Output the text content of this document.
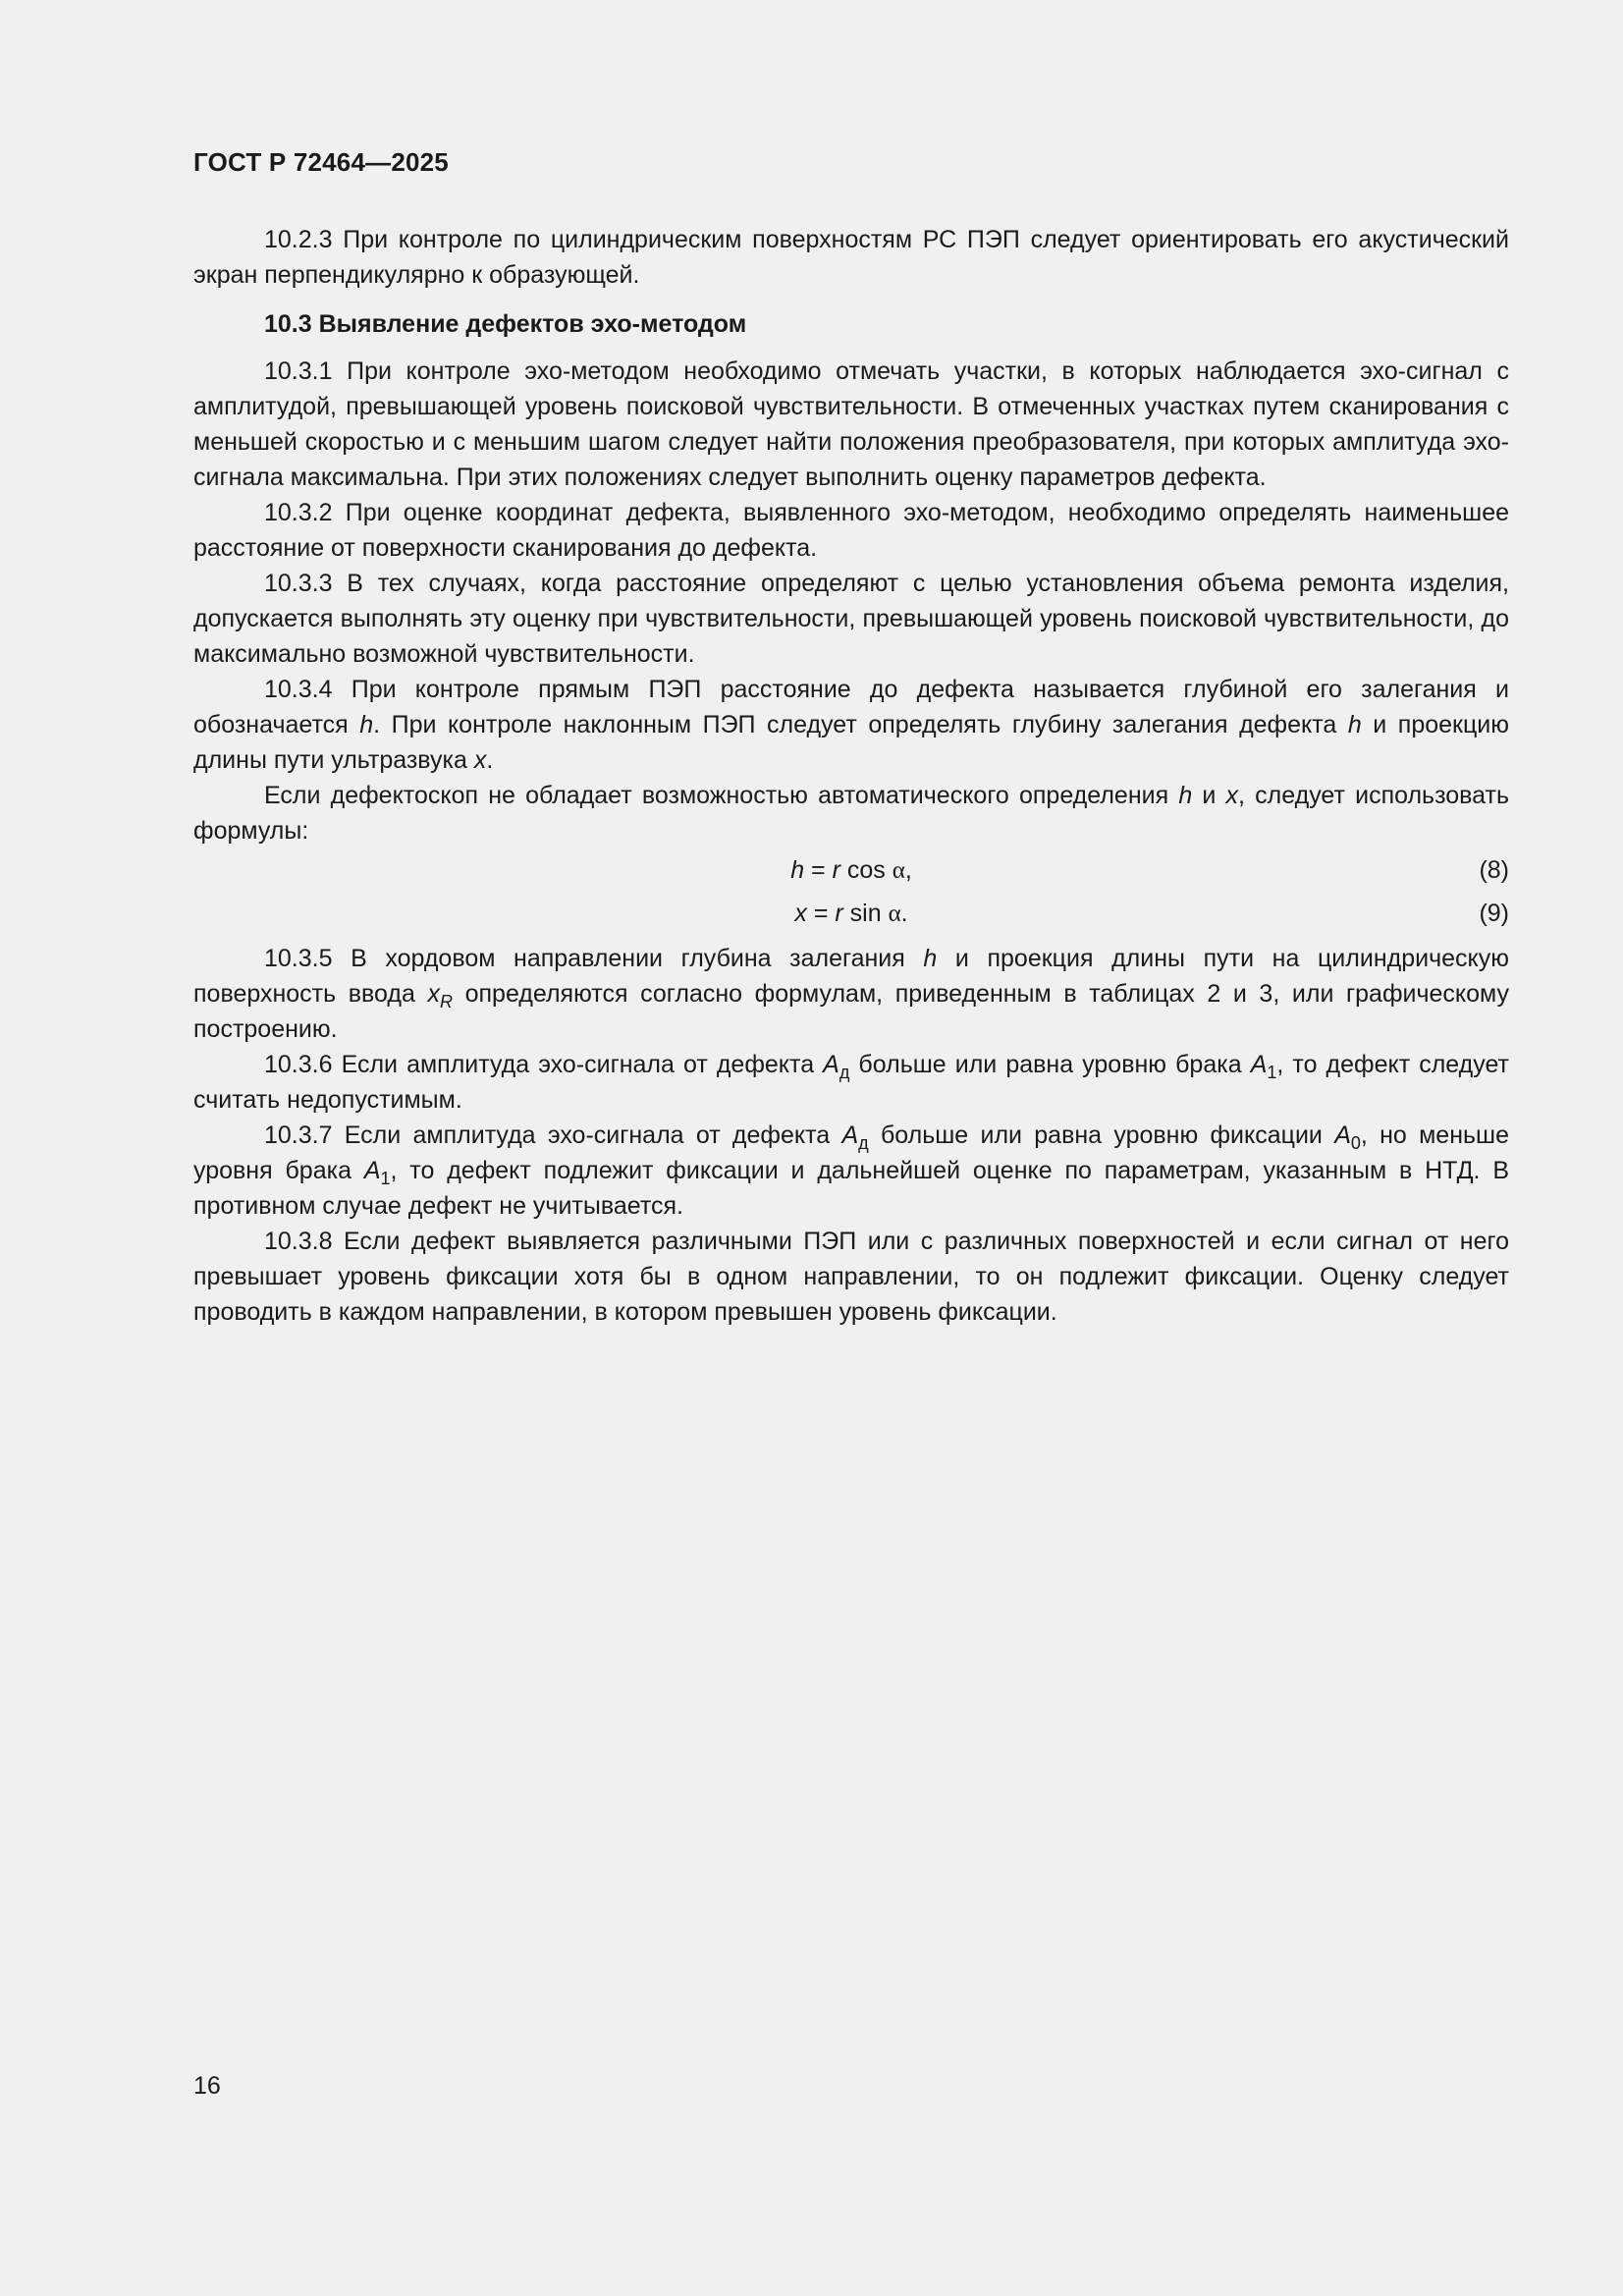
ГОСТ Р 72464—2025

10.2.3 При контроле по цилиндрическим поверхностям РС ПЭП следует ориентировать его акустический экран перпендикулярно к образующей.

10.3 Выявление дефектов эхо-методом

10.3.1 При контроле эхо-методом необходимо отмечать участки, в которых наблюдается эхо-сигнал с амплитудой, превышающей уровень поисковой чувствительности. В отмеченных участках путем сканирования с меньшей скоростью и с меньшим шагом следует найти положения преобразователя, при которых амплитуда эхо-сигнала максимальна. При этих положениях следует выполнить оценку параметров дефекта.

10.3.2 При оценке координат дефекта, выявленного эхо-методом, необходимо определять наименьшее расстояние от поверхности сканирования до дефекта.

10.3.3 В тех случаях, когда расстояние определяют с целью установления объема ремонта изделия, допускается выполнять эту оценку при чувствительности, превышающей уровень поисковой чувствительности, до максимально возможной чувствительности.

10.3.4 При контроле прямым ПЭП расстояние до дефекта называется глубиной его залегания и обозначается h. При контроле наклонным ПЭП следует определять глубину залегания дефекта h и проекцию длины пути ультразвука x.

Если дефектоскоп не обладает возможностью автоматического определения h и x, следует использовать формулы:

h = r cos α,	(8)
x = r sin α.	(9)

10.3.5 В хордовом направлении глубина залегания h и проекция длины пути на цилиндрическую поверхность ввода $x_R$ определяются согласно формулам, приведенным в таблицах 2 и 3, или графическому построению.

10.3.6 Если амплитуда эхо-сигнала от дефекта $A_д$ больше или равна уровню брака $A_1$, то дефект следует считать недопустимым.

10.3.7 Если амплитуда эхо-сигнала от дефекта $A_д$ больше или равна уровню фиксации $A_0$, но меньше уровня брака $A_1$, то дефект подлежит фиксации и дальнейшей оценке по параметрам, указанным в НТД. В противном случае дефект не учитывается.

10.3.8 Если дефект выявляется различными ПЭП или с различных поверхностей и если сигнал от него превышает уровень фиксации хотя бы в одном направлении, то он подлежит фиксации. Оценку следует проводить в каждом направлении, в котором превышен уровень фиксации.

16
